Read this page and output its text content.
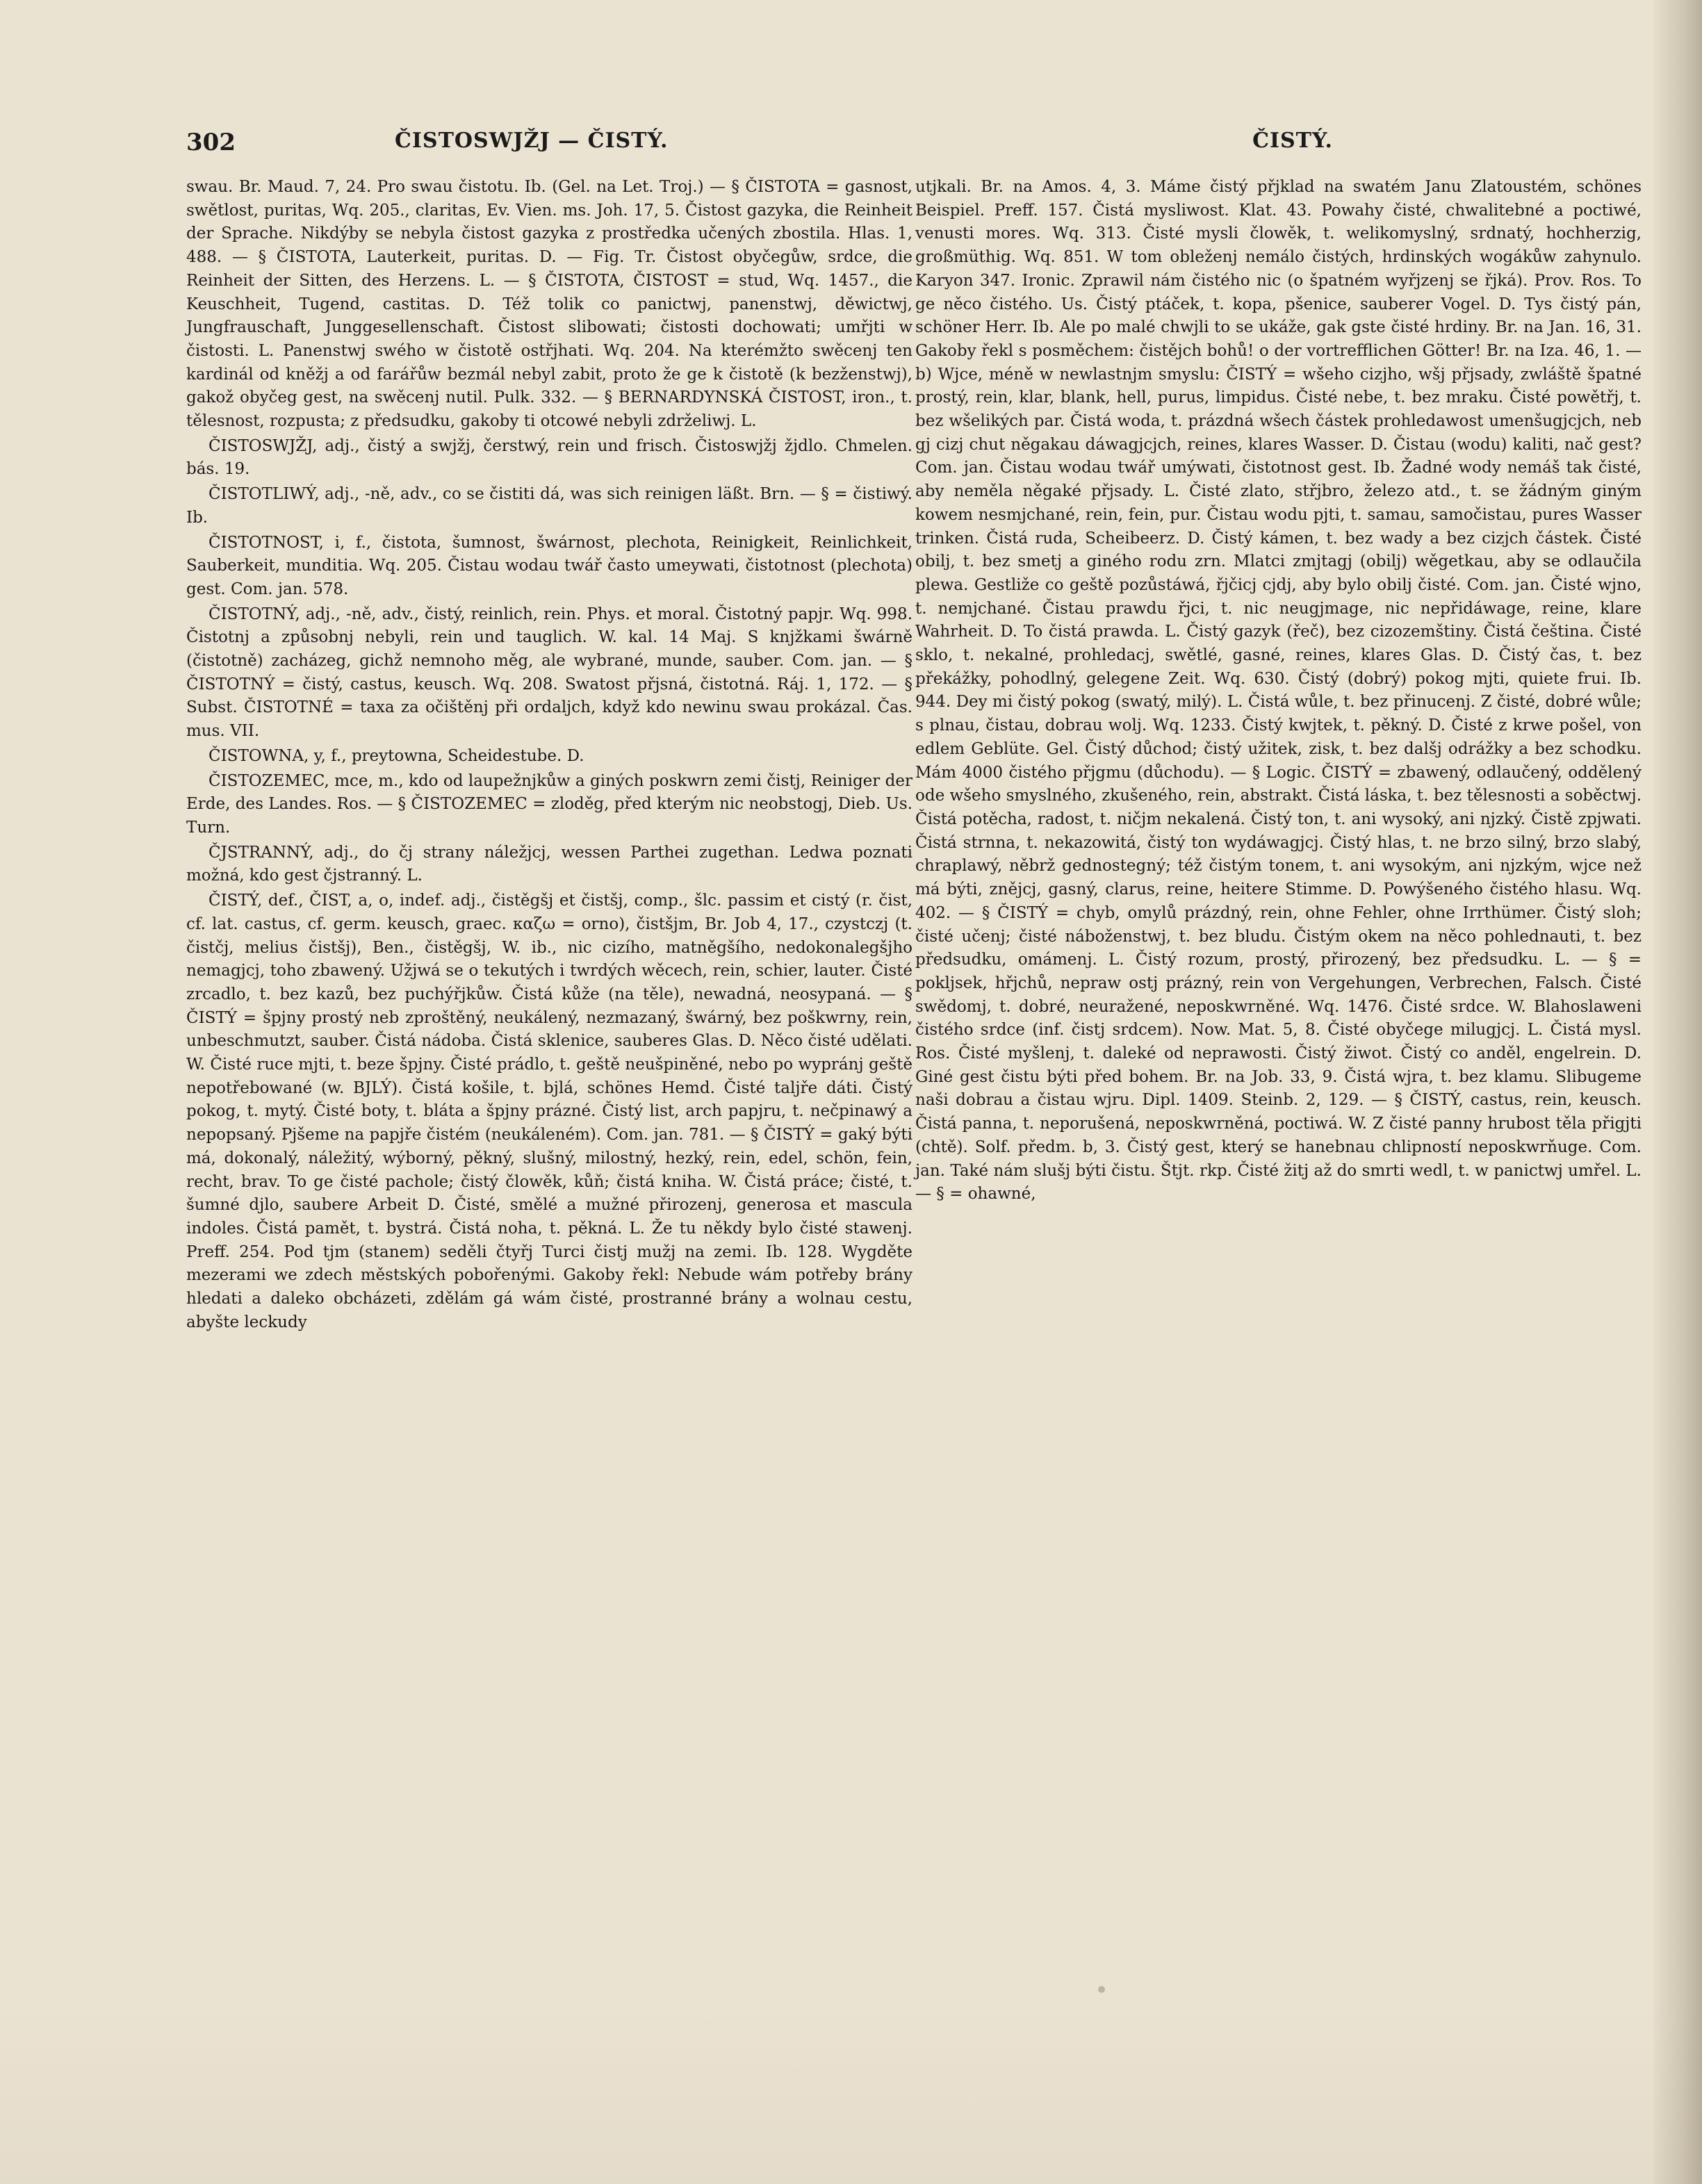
302	ČISTOSWJŽJ — ČISTÝ.	ČISTÝ.

swau. Br. Maud. 7, 24. Pro swau čistotu. Ib. (Gel. na Let. Troj.) — § ČISTOTA = gasnost, swětlost, puritas, Wq. 205., claritas, Ev. Vien. ms. Joh. 17, 5. Čistost gazyka, die Reinheit der Sprache. Nikdýby se nebyla čistost gazyka z prostředka učených zbostila. Hlas. 1, 488. — § ČISTOTA, Lauterkeit, puritas. D. — Fig. Tr. Čistost obyčegůw, srdce, die Reinheit der Sitten, des Herzens. L. — § ČISTOTA, ČISTOST = stud, Wq. 1457., die Keuschheit, Tugend, castitas. D. Též tolik co panictwj, panenstwj, děwictwj, Jungfrauschaft, Junggesellenschaft. Čistost slibowati; čistosti dochowati; umřjti w čistosti. L. Panenstwj swého w čistotě ostřjhati. Wq. 204. Na kterémžto swěcenj ten kardinál od kněžj a od farářůw bezmál nebyl zabit, proto že ge k čistotě (k bezženstwj), gakož obyčeg gest, na swěcenj nutil. Pulk. 332. — § BERNARDYNSKÁ ČISTOST, iron., t. tělesnost, rozpusta; z předsudku, gakoby ti otcowé nebyli zdrželiwj. L.

ČISTOSWJŽJ, adj., čistý a swjžj, čerstwý, rein und frisch. Čistoswjžj žjdlo. Chmelen. bás. 19.

ČISTOTLIWÝ, adj., -ně, adv., co se čistiti dá, was sich reinigen läßt. Brn. — § = čistiwý. Ib.

ČISTOTNOST, i, f., čistota, šumnost, šwárnost, plechota, Reinigkeit, Reinlichkeit, Sauberkeit, munditia. Wq. 205. Čistau wodau twář často umeywati, čistotnost (plechota) gest. Com. jan. 578.

ČISTOTNÝ, adj., -ně, adv., čistý, reinlich, rein. Phys. et moral. Čistotný papjr. Wq. 998. Čistotnj a způsobnj nebyli, rein und tauglich. W. kal. 14 Maj. S knjžkami šwárně (čistotně) zacházeg, gichž nemnoho měg, ale wybrané, munde, sauber. Com. jan. — § ČISTOTNÝ = čistý, castus, keusch. Wq. 208. Swatost přjsná, čistotná. Ráj. 1, 172. — § Subst. ČISTOTNÉ = taxa za očištěnj při ordaljch, když kdo newinu swau prokázal. Čas. mus. VII.

ČISTOWNA, y, f., preytowna, Scheidestube. D.

ČISTOZEMEC, mce, m., kdo od laupežnjkůw a giných poskwrn zemi čistj, Reiniger der Erde, des Landes. Ros. — § ČISTOZEMEC = zloděg, před kterým nic neobstogj, Dieb. Us. Turn.

ČJSTRANNÝ, adj., do čj strany náležjcj, wessen Parthei zugethan. Ledwa poznati možná, kdo gest čjstranný. L.

ČISTÝ, def., ČIST, a, o, indef. adj., čistěgšj et čistšj, comp., šlc. passim et cistý (r. čist, cf. lat. castus, cf. germ. keusch, graec. καζω = orno), čistšjm, Br. Job 4, 17., czystczj (t. čistčj, melius čistšj), Ben., čistěgšj, W. ib., nic cizího, matněgšího, nedokonalegšjho nemagjcj, toho zbawený. Užjwá se o tekutých i twrdých wěcech, rein, schier, lauter. Čisté zrcadlo, t. bez kazů, bez puchýřjkůw. Čistá kůže (na těle), newadná, neosypaná. — § ČISTÝ = špjny prostý neb zproštěný, neukálený, nezmazaný, šwárný, bez poškwrny, rein, unbeschmutzt, sauber. Čistá nádoba. Čistá sklenice, sauberes Glas. D. Něco čisté udělati. W. Čisté ruce mjti, t. beze špjny. Čisté prádlo, t. geště neušpiněné, nebo po wypránj geště nepotřebowané (w. BJLÝ). Čistá košile, t. bjlá, schönes Hemd. Čisté taljře dáti. Čistý pokog, t. mytý. Čisté boty, t. bláta a špjny prázné. Čistý list, arch papjru, t. nečpinawý a nepopsaný. Pjšeme na papjře čistém (neukáleném). Com. jan. 781. — § ČISTÝ = gaký býti má, dokonalý, náležitý, wýborný, pěkný, slušný, milostný, hezký, rein, edel, schön, fein, recht, brav. To ge čisté pachole; čistý člowěk, kůň; čistá kniha. W. Čistá práce; čisté, t. šumné djlo, saubere Arbeit D. Čisté, smělé a mužné přirozenj, generosa et mascula indoles. Čistá pamět, t. bystrá. Čistá noha, t. pěkná. L. Že tu někdy bylo čisté stawenj. Preff. 254. Pod tjm (stanem) seděli čtyřj Turci čistj mužj na zemi. Ib. 128. Wygděte mezerami we zdech městských pobořenými. Gakoby řekl: Nebude wám potřeby brány hledati a daleko obcházeti, zdělám gá wám čisté, prostranné brány a wolnau cestu, abyšte leckudy

utjkali. Br. na Amos. 4, 3. Máme čistý přjklad na swatém Janu Zlatoustém, schönes Beispiel. Preff. 157. Čistá mysliwost. Klat. 43. Powahy čisté, chwalitebné a poctiwé, venusti mores. Wq. 313. Čisté mysli člowěk, t. welikomyslný, srdnatý, hochherzig, großmüthig. Wq. 851. W tom obleženj nemálo čistých, hrdinských wogákůw zahynulo. Karyon 347. Ironic. Zprawil nám čistého nic (o špatném wyřjzenj se řjká). Prov. Ros. To ge něco čistého. Us. Čistý ptáček, t. kopa, pšenice, sauberer Vogel. D. Tys čistý pán, schöner Herr. Ib. Ale po malé chwjli to se ukáže, gak gste čisté hrdiny. Br. na Jan. 16, 31. Gakoby řekl s posměchem: čistějch bohů! o der vortrefflichen Götter! Br. na Iza. 46, 1. — b) Wjce, méně w newlastnjm smyslu: ČISTÝ = wšeho cizjho, wšj přjsady, zwláště špatné prostý, rein, klar, blank, hell, purus, limpidus. Čisté nebe, t. bez mraku. Čisté powětřj, t. bez wšelikých par. Čistá woda, t. prázdná wšech částek prohledawost umenšugjcjch, neb gj cizj chut něgakau dáwagjcjch, reines, klares Wasser. D. Čistau (wodu) kaliti, nač gest? Com. jan. Čistau wodau twář umýwati, čistotnost gest. Ib. Žadné wody nemáš tak čisté, aby neměla něgaké přjsady. L. Čisté zlato, střjbro, železo atd., t. se žádným giným kowem nesmjchané, rein, fein, pur. Čistau wodu pjti, t. samau, samočistau, pures Wasser trinken. Čistá ruda, Scheibeerz. D. Čistý kámen, t. bez wady a bez cizjch částek. Čisté obilj, t. bez smetj a giného rodu zrn. Mlatci zmjtagj (obilj) wěgetkau, aby se odlaučila plewa. Gestliže co geště pozůstáwá, řjčicj cjdj, aby bylo obilj čisté. Com. jan. Čisté wjno, t. nemjchané. Čistau prawdu řjci, t. nic neugjmage, nic nepřidáwage, reine, klare Wahrheit. D. To čistá prawda. L. Čistý gazyk (řeč), bez cizozemštiny. Čistá čeština. Čisté sklo, t. nekalné, prohledacj, swětlé, gasné, reines, klares Glas. D. Čistý čas, t. bez překážky, pohodlný, gelegene Zeit. Wq. 630. Čistý (dobrý) pokog mjti, quiete frui. Ib. 944. Dey mi čistý pokog (swatý, milý). L. Čistá wůle, t. bez přinucenj. Z čisté, dobré wůle; s plnau, čistau, dobrau wolj. Wq. 1233. Čistý kwjtek, t. pěkný. D. Čisté z krwe pošel, von edlem Geblüte. Gel. Čistý důchod; čistý užitek, zisk, t. bez dalšj odrážky a bez schodku. Mám 4000 čistého přjgmu (důchodu). — § Logic. ČISTÝ = zbawený, odlaučený, oddělený ode wšeho smyslného, zkušeného, rein, abstrakt. Čistá láska, t. bez tělesnosti a soběctwj. Čistá potěcha, radost, t. ničjm nekalená. Čistý ton, t. ani wysoký, ani njzký. Čistě zpjwati. Čistá strnna, t. nekazowitá, čistý ton wydáwagjcj. Čistý hlas, t. ne brzo silný, brzo slabý, chraplawý, něbrž gednostegný; též čistým tonem, t. ani wysokým, ani njzkým, wjce než má býti, znějcj, gasný, clarus, reine, heitere Stimme. D. Powýšeného čistého hlasu. Wq. 402. — § ČISTÝ = chyb, omylů prázdný, rein, ohne Fehler, ohne Irrthümer. Čistý sloh; čisté učenj; čisté náboženstwj, t. bez bludu. Čistým okem na něco pohlednauti, t. bez předsudku, omámenj. L. Čistý rozum, prostý, přirozený, bez předsudku. L. — § = pokljsek, hřjchů, nepraw ostj prázný, rein von Vergehungen, Verbrechen, Falsch. Čisté swědomj, t. dobré, neuražené, neposkwrněné. Wq. 1476. Čisté srdce. W. Blahoslaweni čistého srdce (inf. čistj srdcem). Now. Mat. 5, 8. Čisté obyčege milugjcj. L. Čistá mysl. Ros. Čisté myšlenj, t. daleké od neprawosti. Čistý žiwot. Čistý co anděl, engelrein. D. Giné gest čistu býti před bohem. Br. na Job. 33, 9. Čistá wjra, t. bez klamu. Slibugeme naši dobrau a čistau wjru. Dipl. 1409. Steinb. 2, 129. — § ČISTÝ, castus, rein, keusch. Čistá panna, t. neporušená, neposkwrněná, poctiwá. W. Z čisté panny hrubost těla přigjti (chtě). Solf. předm. b, 3. Čistý gest, který se hanebnau chlipností neposkwrňuge. Com. jan. Také nám slušj býti čistu. Štjt. rkp. Čisté žitj až do smrti wedl, t. w panictwj umřel. L. — § = ohawné,
